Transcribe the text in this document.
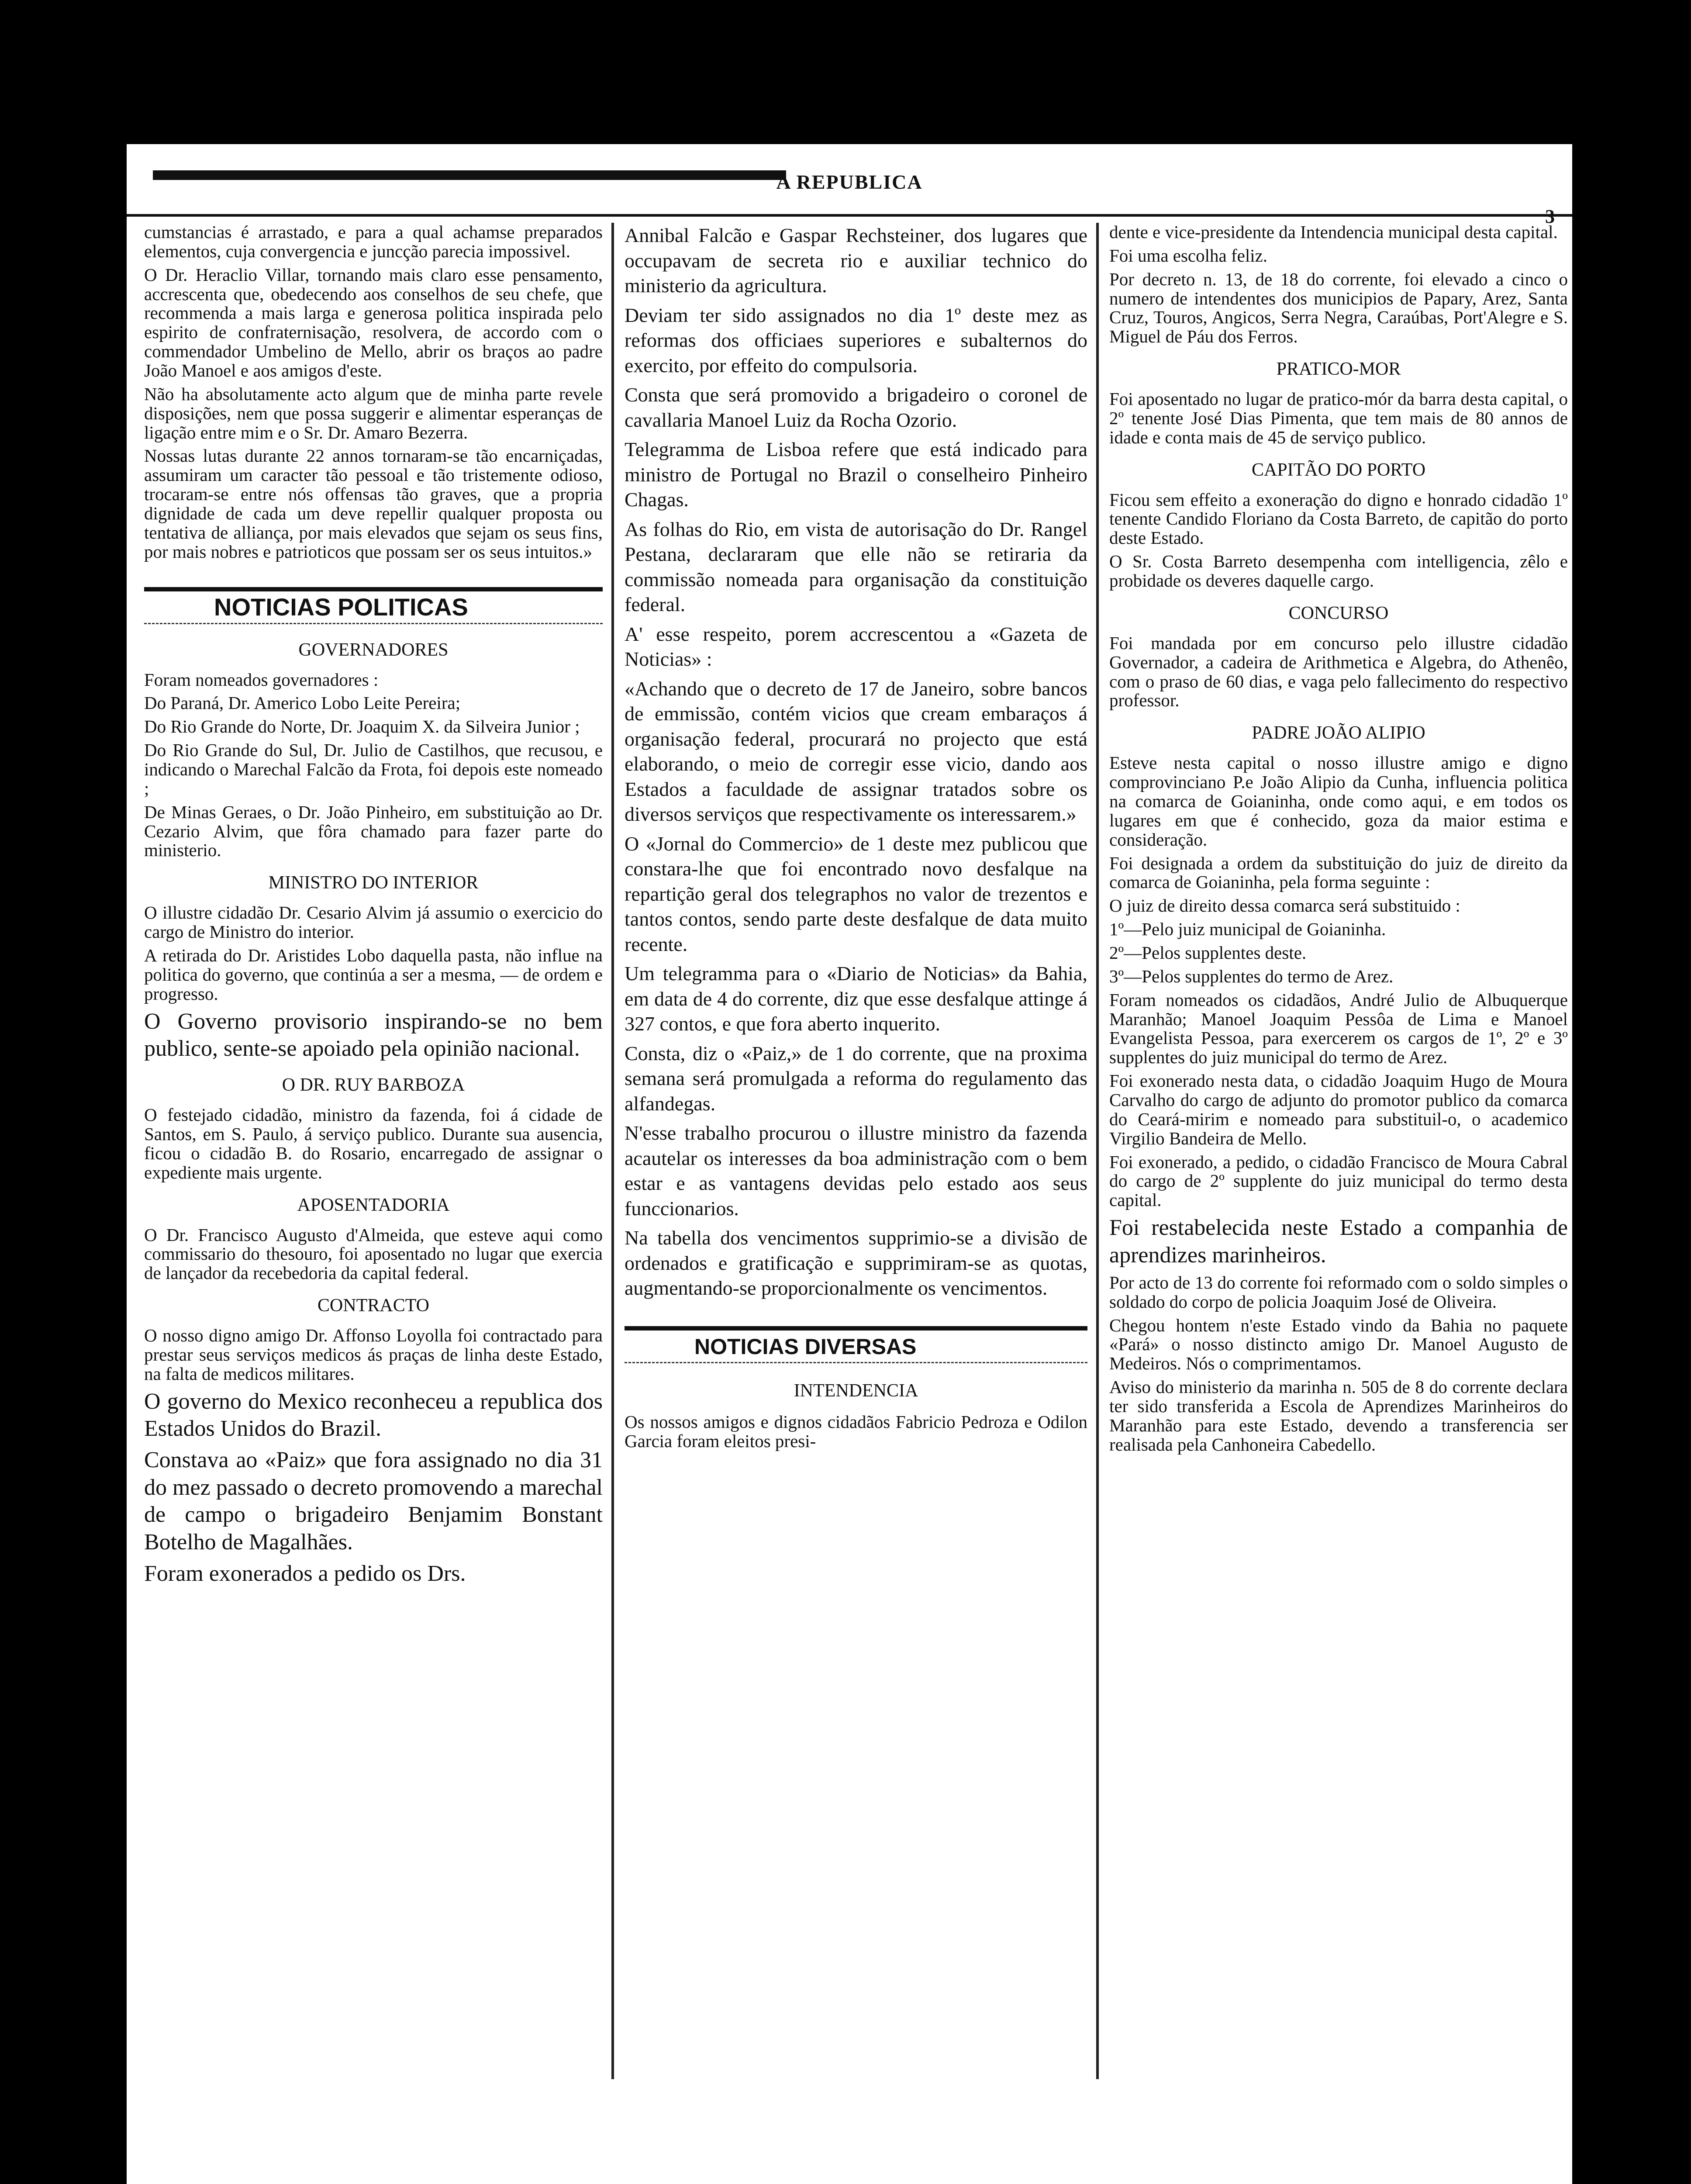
A REPUBLICA

cumstancias é arrastado, e para a qual achamse preparados elementos, cuja convergencia e juncção parecia impossivel.

O Dr. Heraclio Villar, tornando mais claro esse pensamento, accrescenta que, obedecendo aos conselhos de seu chefe, que recommenda a mais larga e generosa politica inspirada pelo espirito de confraternisação, resolvera, de accordo com o commendador Umbelino de Mello, abrir os braços ao padre João Manoel e aos amigos d'este.

Não ha absolutamente acto algum que de minha parte revele disposições, nem que possa suggerir e alimentar esperanças de ligação entre mim e o Sr. Dr. Amaro Bezerra.

Nossas lutas durante 22 annos tornaram-se tão encarniçadas, assumiram um caracter tão pessoal e tão tristemente odioso, trocaram-se entre nós offensas tão graves, que a propria dignidade de cada um deve repellir qualquer proposta ou tentativa de alliança, por mais elevados que sejam os seus fins, por mais nobres e patrioticos que possam ser os seus intuitos.»

NOTICIAS POLITICAS
GOVERNADORES

Foram nomeados governadores :

Do Paraná, Dr. Americo Lobo Leite Pereira;

Do Rio Grande do Norte, Dr. Joaquim X. da Silveira Junior ;

Do Rio Grande do Sul, Dr. Julio de Castilhos, que recusou, e indicando o Marechal Falcão da Frota, foi depois este nomeado ;

De Minas Geraes, o Dr. João Pinheiro, em substituição ao Dr. Cezario Alvim, que fôra chamado para fazer parte do ministerio.

MINISTRO DO INTERIOR

O illustre cidadão Dr. Cesario Alvim já assumio o exercicio do cargo de Ministro do interior.

A retirada do Dr. Aristides Lobo daquella pasta, não influe na politica do governo, que continúa a ser a mesma, — de ordem e progresso.

O Governo provisorio inspirando-se no bem publico, sente-se apoiado pela opinião nacional.

O DR. RUY BARBOZA

O festejado cidadão, ministro da fazenda, foi á cidade de Santos, em S. Paulo, á serviço publico. Durante sua ausencia, ficou o cidadão B. do Rosario, encarregado de assignar o expediente mais urgente.

APOSENTADORIA

O Dr. Francisco Augusto d'Almeida, que esteve aqui como commissario do thesouro, foi aposentado no lugar que exercia de lançador da recebedoria da capital federal.

CONTRACTO

O nosso digno amigo Dr. Affonso Loyolla foi contractado para prestar seus serviços medicos ás praças de linha deste Estado, na falta de medicos militares.

O governo do Mexico reconheceu a republica dos Estados Unidos do Brazil.

Constava ao «Paiz» que fora assignado no dia 31 do mez passado o decreto promovendo a marechal de campo o brigadeiro Benjamim Bonstant Botelho de Magalhães.

Foram exonerados a pedido os Drs.

Annibal Falcão e Gaspar Rechsteiner, dos lugares que occupavam de secreta rio e auxiliar technico do ministerio da agricultura.

Deviam ter sido assignados no dia 1º deste mez as reformas dos officiaes superiores e subalternos do exercito, por effeito do compulsoria.

Consta que será promovido a brigadeiro o coronel de cavallaria Manoel Luiz da Rocha Ozorio.

Telegramma de Lisboa refere que está indicado para ministro de Portugal no Brazil o conselheiro Pinheiro Chagas.

As folhas do Rio, em vista de autorisação do Dr. Rangel Pestana, declararam que elle não se retiraria da commissão nomeada para organisação da constituição federal.

A' esse respeito, porem accrescentou a «Gazeta de Noticias» :

«Achando que o decreto de 17 de Janeiro, sobre bancos de emmissão, contém vicios que cream embaraços á organisação federal, procurará no projecto que está elaborando, o meio de corregir esse vicio, dando aos Estados a faculdade de assignar tratados sobre os diversos serviços que respectivamente os interessarem.»

O «Jornal do Commercio» de 1 deste mez publicou que constara-lhe que foi encontrado novo desfalque na repartição geral dos telegraphos no valor de trezentos e tantos contos, sendo parte deste desfalque de data muito recente.

Um telegramma para o «Diario de Noticias» da Bahia, em data de 4 do corrente, diz que esse desfalque attinge á 327 contos, e que fora aberto inquerito.

Consta, diz o «Paiz,» de 1 do corrente, que na proxima semana será promulgada a reforma do regulamento das alfandegas.

N'esse trabalho procurou o illustre ministro da fazenda acautelar os interesses da boa administração com o bem estar e as vantagens devidas pelo estado aos seus funccionarios.

Na tabella dos vencimentos supprimio-se a divisão de ordenados e gratificação e supprimiram-se as quotas, augmentando-se proporcionalmente os vencimentos.

NOTICIAS DIVERSAS
INTENDENCIA

Os nossos amigos e dignos cidadãos Fabricio Pedroza e Odilon Garcia foram eleitos presi-

dente e vice-presidente da Intendencia municipal desta capital.

Foi uma escolha feliz.

Por decreto n. 13, de 18 do corrente, foi elevado a cinco o numero de intendentes dos municipios de Papary, Arez, Santa Cruz, Touros, Angicos, Serra Negra, Caraúbas, Port'Alegre e S. Miguel de Páu dos Ferros.

PRATICO-MOR

Foi aposentado no lugar de pratico-mór da barra desta capital, o 2º tenente José Dias Pimenta, que tem mais de 80 annos de idade e conta mais de 45 de serviço publico.

CAPITÃO DO PORTO

Ficou sem effeito a exoneração do digno e honrado cidadão 1º tenente Candido Floriano da Costa Barreto, de capitão do porto deste Estado.

O Sr. Costa Barreto desempenha com intelligencia, zêlo e probidade os deveres daquelle cargo.

CONCURSO

Foi mandada por em concurso pelo illustre cidadão Governador, a cadeira de Arithmetica e Algebra, do Athenêo, com o praso de 60 dias, e vaga pelo fallecimento do respectivo professor.

PADRE JOÃO ALIPIO

Esteve nesta capital o nosso illustre amigo e digno comprovinciano P.e João Alipio da Cunha, influencia politica na comarca de Goianinha, onde como aqui, e em todos os lugares em que é conhecido, goza da maior estima e consideração.

Foi designada a ordem da substituição do juiz de direito da comarca de Goianinha, pela forma seguinte :

O juiz de direito dessa comarca será substituido :

1º—Pelo juiz municipal de Goianinha.

2º—Pelos supplentes deste.

3º—Pelos supplentes do termo de Arez.

Foram nomeados os cidadãos, André Julio de Albuquerque Maranhão; Manoel Joaquim Pessôa de Lima e Manoel Evangelista Pessoa, para exercerem os cargos de 1º, 2º e 3º supplentes do juiz municipal do termo de Arez.

Foi exonerado nesta data, o cidadão Joaquim Hugo de Moura Carvalho do cargo de adjunto do promotor publico da comarca do Ceará-mirim e nomeado para substituil-o, o academico Virgilio Bandeira de Mello.

Foi exonerado, a pedido, o cidadão Francisco de Moura Cabral do cargo de 2º supplente do juiz municipal do termo desta capital.

Foi restabelecida neste Estado a companhia de aprendizes marinheiros.

Por acto de 13 do corrente foi reformado com o soldo simples o soldado do corpo de policia Joaquim José de Oliveira.

Chegou hontem n'este Estado vindo da Bahia no paquete «Pará» o nosso distincto amigo Dr. Manoel Augusto de Medeiros. Nós o comprimentamos.

Aviso do ministerio da marinha n. 505 de 8 do corrente declara ter sido transferida a Escola de Aprendizes Marinheiros do Maranhão para este Estado, devendo a transferencia ser realisada pela Canhoneira Cabedello.
